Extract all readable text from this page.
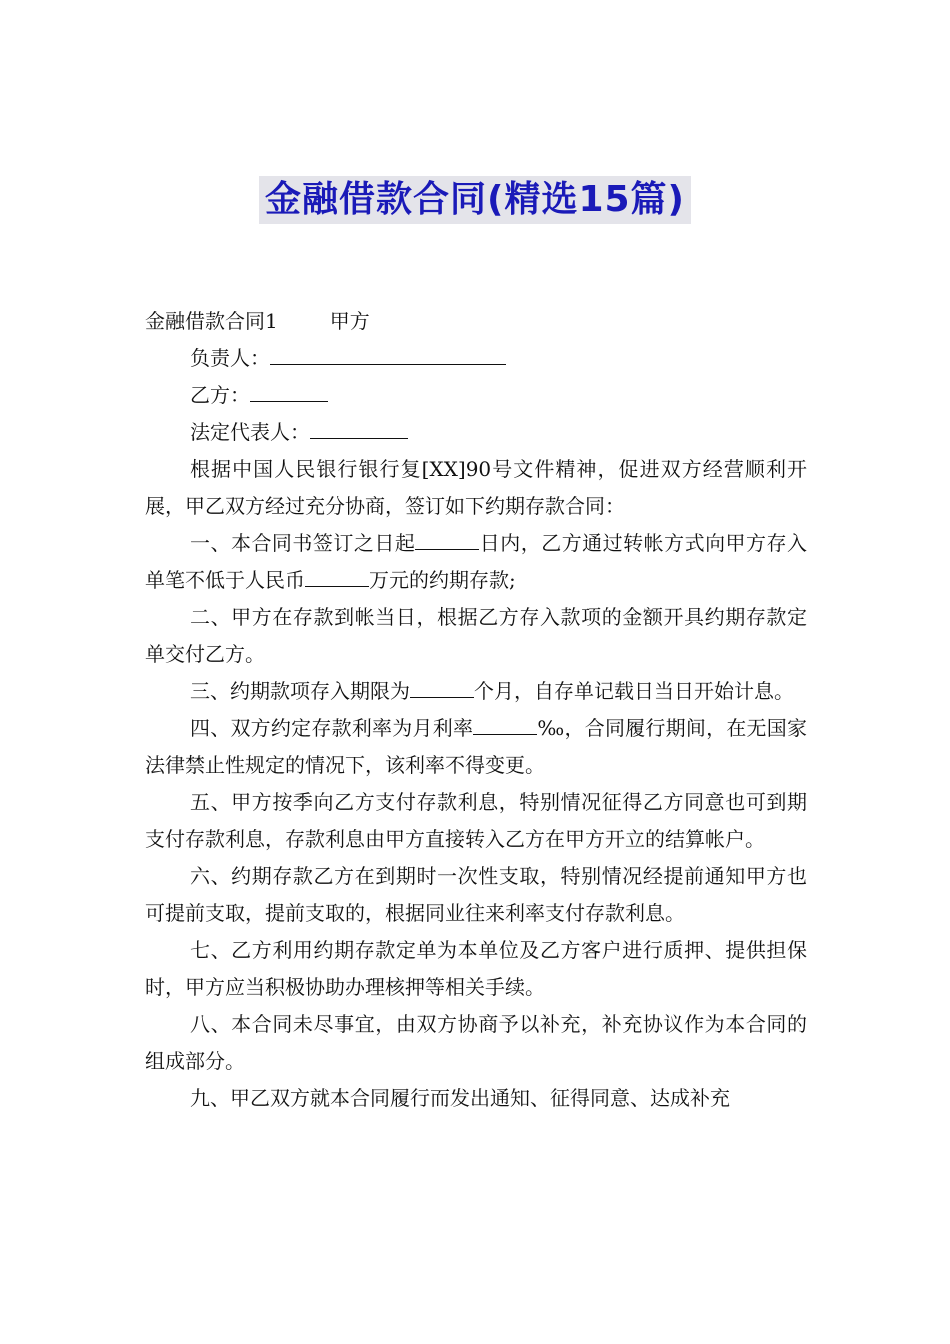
金融借款合同(精选15篇)
金融借款合同1	甲方
负责人：
乙方：
法定代表人：

根据中国人民银行银行复[XX]90号文件精神，促进双方经营顺利开展，甲乙双方经过充分协商，签订如下约期存款合同：

一、本合同书签订之日起	日内，乙方通过转帐方式向甲方存入单笔不低于人民币	万元的约期存款;

二、甲方在存款到帐当日，根据乙方存入款项的金额开具约期存款定单交付乙方。

三、约期款项存入期限为	个月，自存单记载日当日开始计息。

四、双方约定存款利率为月利率	‰，合同履行期间，在无国家法律禁止性规定的情况下，该利率不得变更。

五、甲方按季向乙方支付存款利息，特别情况征得乙方同意也可到期支付存款利息，存款利息由甲方直接转入乙方在甲方开立的结算帐户。

六、约期存款乙方在到期时一次性支取，特别情况经提前通知甲方也可提前支取，提前支取的，根据同业往来利率支付存款利息。

七、乙方利用约期存款定单为本单位及乙方客户进行质押、提供担保时，甲方应当积极协助办理核押等相关手续。

八、本合同未尽事宜，由双方协商予以补充，补充协议作为本合同的组成部分。

九、甲乙双方就本合同履行而发出通知、征得同意、达成补充
